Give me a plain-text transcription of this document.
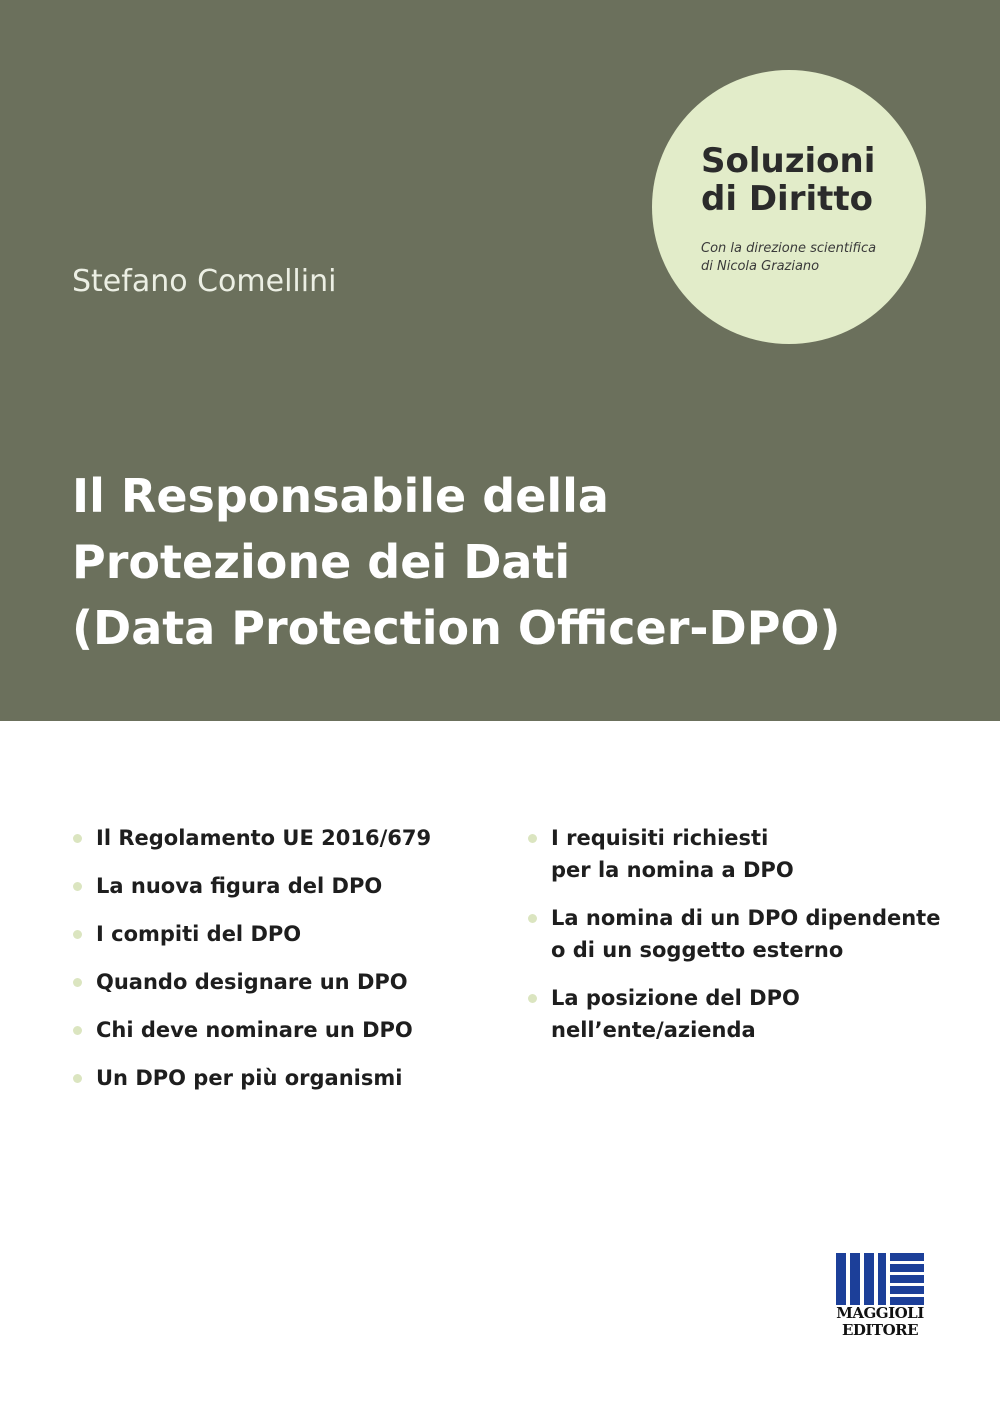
Soluzioni
di Diritto
Con la direzione scientifica
di Nicola Graziano
Stefano Comellini
Il Responsabile della
Protezione dei Dati
(Data Protection Officer-DPO)
Il Regolamento UE 2016/679
La nuova figura del DPO
I compiti del DPO
Quando designare un DPO
Chi deve nominare un DPO
Un DPO per più organismi
I requisiti richiesti
per la nomina a DPO
La nomina di un DPO dipendente
o di un soggetto esterno
La posizione del DPO
nell’ente/azienda
MAGGIOLI
EDITORE
